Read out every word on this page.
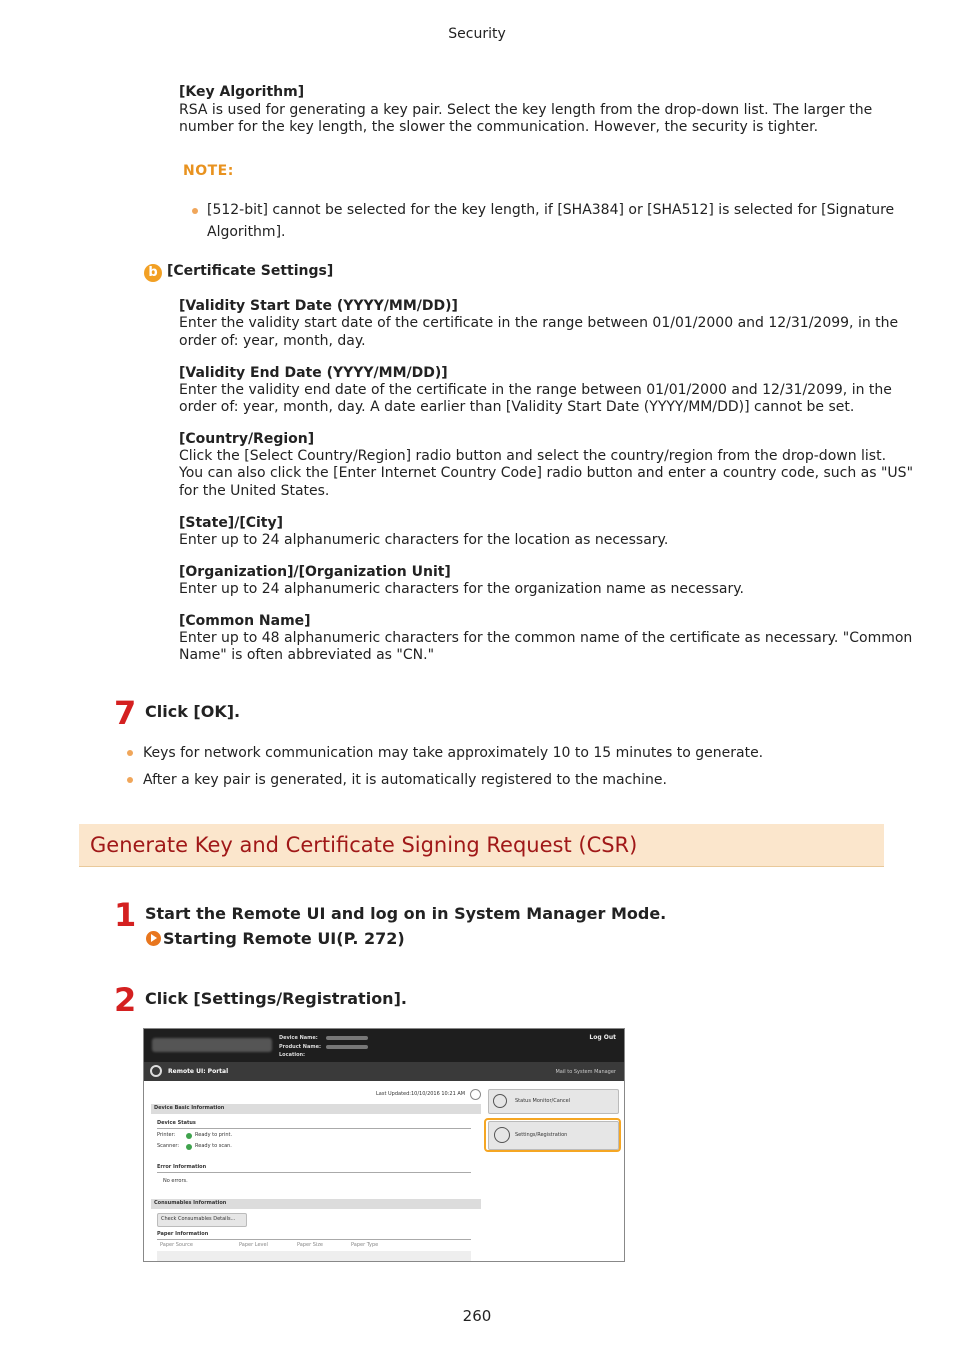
Security
[Key Algorithm]
RSA is used for generating a key pair. Select the key length from the drop-down list. The larger the
number for the key length, the slower the communication. However, the security is tighter.
NOTE:
[512-bit] cannot be selected for the key length, if [SHA384] or [SHA512] is selected for [Signature
Algorithm].
b [Certificate Settings]
[Validity Start Date (YYYY/MM/DD)]
Enter the validity start date of the certificate in the range between 01/01/2000 and 12/31/2099, in the
order of: year, month, day.
[Validity End Date (YYYY/MM/DD)]
Enter the validity end date of the certificate in the range between 01/01/2000 and 12/31/2099, in the
order of: year, month, day. A date earlier than [Validity Start Date (YYYY/MM/DD)] cannot be set.
[Country/Region]
Click the [Select Country/Region] radio button and select the country/region from the drop-down list.
You can also click the [Enter Internet Country Code] radio button and enter a country code, such as "US"
for the United States.
[State]/[City]
Enter up to 24 alphanumeric characters for the location as necessary.
[Organization]/[Organization Unit]
Enter up to 24 alphanumeric characters for the organization name as necessary.
[Common Name]
Enter up to 48 alphanumeric characters for the common name of the certificate as necessary. "Common
Name" is often abbreviated as "CN."
7 Click [OK].
Keys for network communication may take approximately 10 to 15 minutes to generate.
After a key pair is generated, it is automatically registered to the machine.
Generate Key and Certificate Signing Request (CSR)
1 Start the Remote UI and log on in System Manager Mode.
Starting Remote UI(P. 272)
2 Click [Settings/Registration].
Device Name:
Product Name:
Location:
Log Out
Remote UI: Portal	Mail to System Manager
Last Updated:10/10/2016 10:21 AM
Device Basic Information
Device Status
Printer:	Ready to print.
Scanner:	Ready to scan.
Error Information
No errors.
Consumables Information
Check Consumables Details...
Paper Information
Paper Source	Paper Level	Paper Size	Paper Type
Status Monitor/Cancel
Settings/Registration
260
